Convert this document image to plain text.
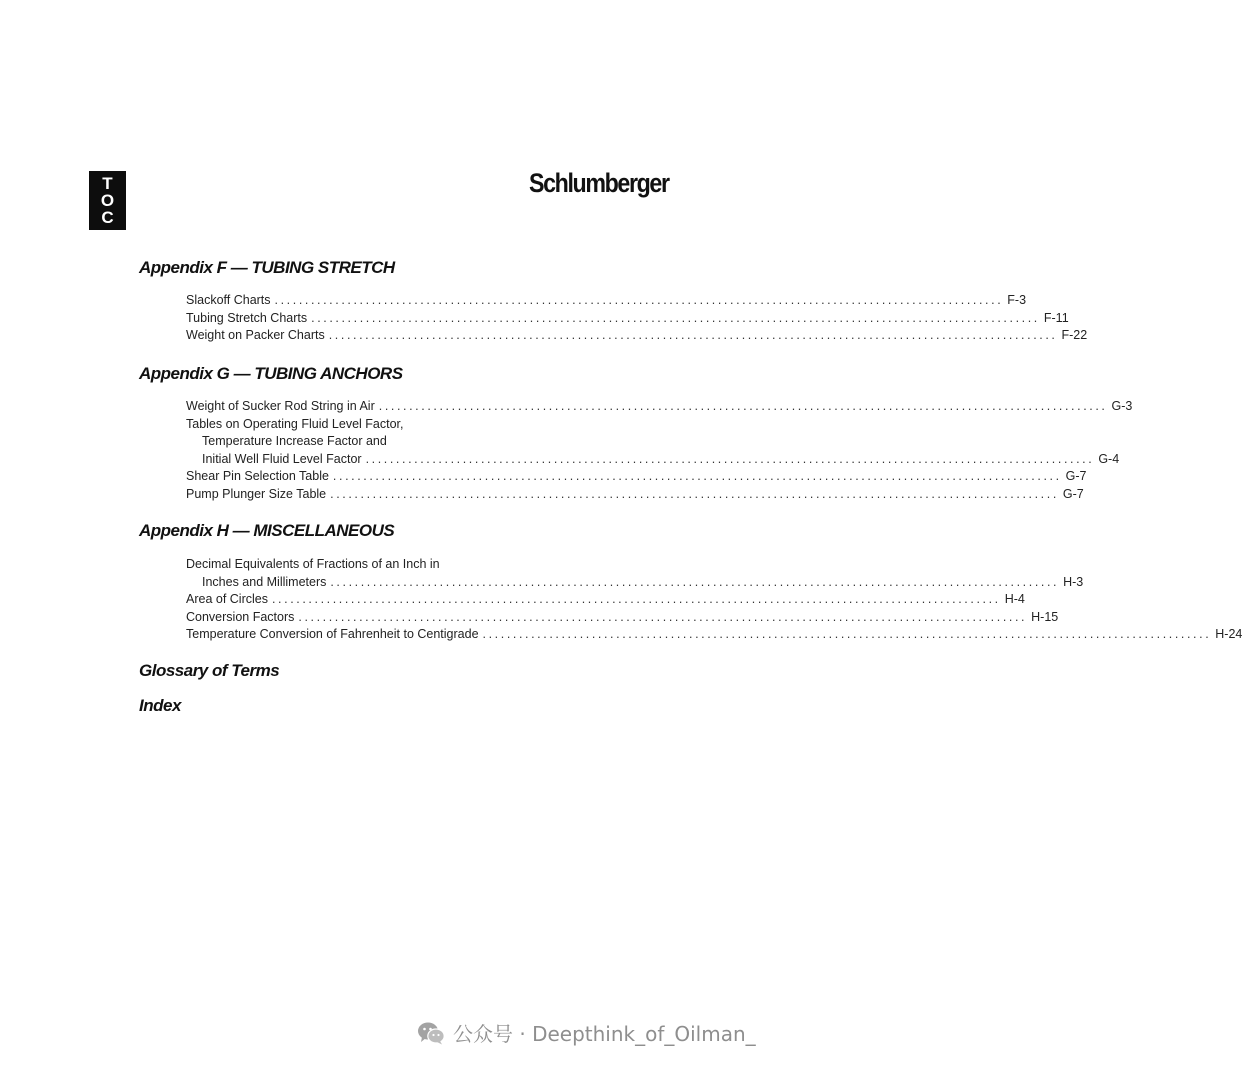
T
O
C
Schlumberger
Appendix F — TUBING STRETCH
Slackoff Charts ........................................................................................................................ F-3
Tubing Stretch Charts ........................................................................................................................ F-11
Weight on Packer Charts ........................................................................................................................ F-22
Appendix G — TUBING ANCHORS
Weight of Sucker Rod String in Air ........................................................................................................................ G-3
Tables on Operating Fluid Level Factor,
Temperature Increase Factor and
Initial Well Fluid Level Factor ........................................................................................................................ G-4
Shear Pin Selection Table ........................................................................................................................ G-7
Pump Plunger Size Table ........................................................................................................................ G-7
Appendix H — MISCELLANEOUS
Decimal Equivalents of Fractions of an Inch in
Inches and Millimeters ........................................................................................................................ H-3
Area of Circles ........................................................................................................................ H-4
Conversion Factors ........................................................................................................................ H-15
Temperature Conversion of Fahrenheit to Centigrade ........................................................................................................................ H-24
Glossary of Terms
Index
公众号 · Deepthink_of_Oilman_
